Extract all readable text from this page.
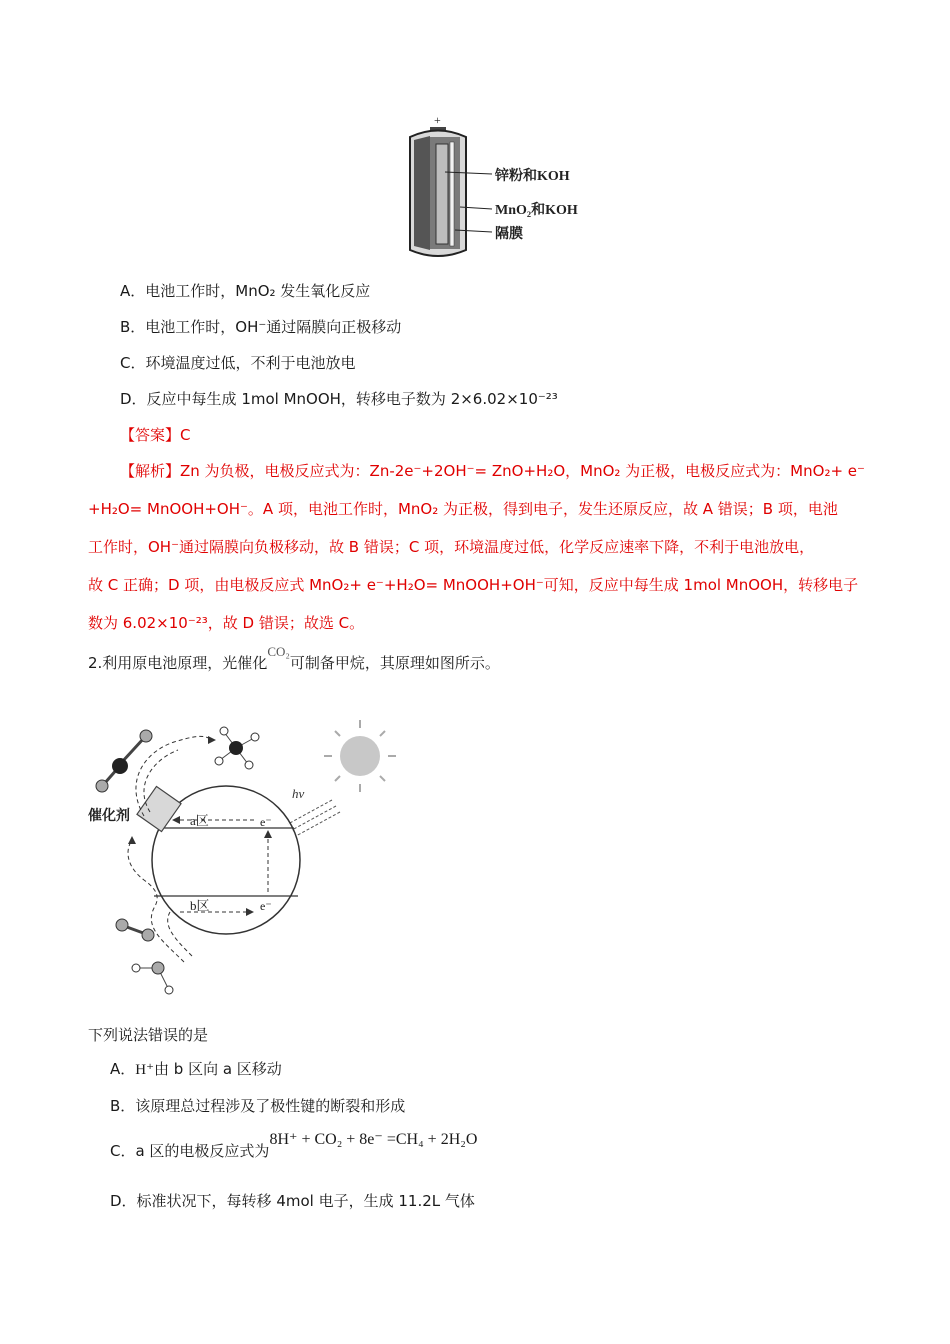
+
锌粉和KOH
MnO₂和KOH
隔膜
−
A．电池工作时，MnO₂ 发生氧化反应
B．电池工作时，OH⁻通过隔膜向正极移动
C．环境温度过低，不利于电池放电
D．反应中每生成 1mol MnOOH，转移电子数为 2×6.02×10⁻²³
【答案】C
【解析】Zn 为负极，电极反应式为：Zn-2e⁻+2OH⁻= ZnO+H₂O，MnO₂ 为正极，电极反应式为：MnO₂+ e⁻
+H₂O= MnOOH+OH⁻。A 项，电池工作时，MnO₂ 为正极，得到电子，发生还原反应，故 A 错误；B 项，电池
工作时，OH⁻通过隔膜向负极移动，故 B 错误；C 项，环境温度过低，化学反应速率下降，不利于电池放电，
故 C 正确；D 项，由电极反应式 MnO₂+ e⁻+H₂O= MnOOH+OH⁻可知，反应中每生成 1mol MnOOH，转移电子
数为 6.02×10⁻²³，故 D 错误；故选 C。
2.利用原电池原理，光催化CO₂可制备甲烷，其原理如图所示。
hν
a区
b区
e⁻
e⁻
催化剂
下列说法错误的是
A．H⁺由 b 区向 a 区移动
B．该原理总过程涉及了极性键的断裂和形成
C．a 区的电极反应式为8H⁺ + CO₂ + 8e⁻ =CH₄ + 2H₂O
D．标准状况下，每转移 4mol 电子，生成 11.2L 气体
